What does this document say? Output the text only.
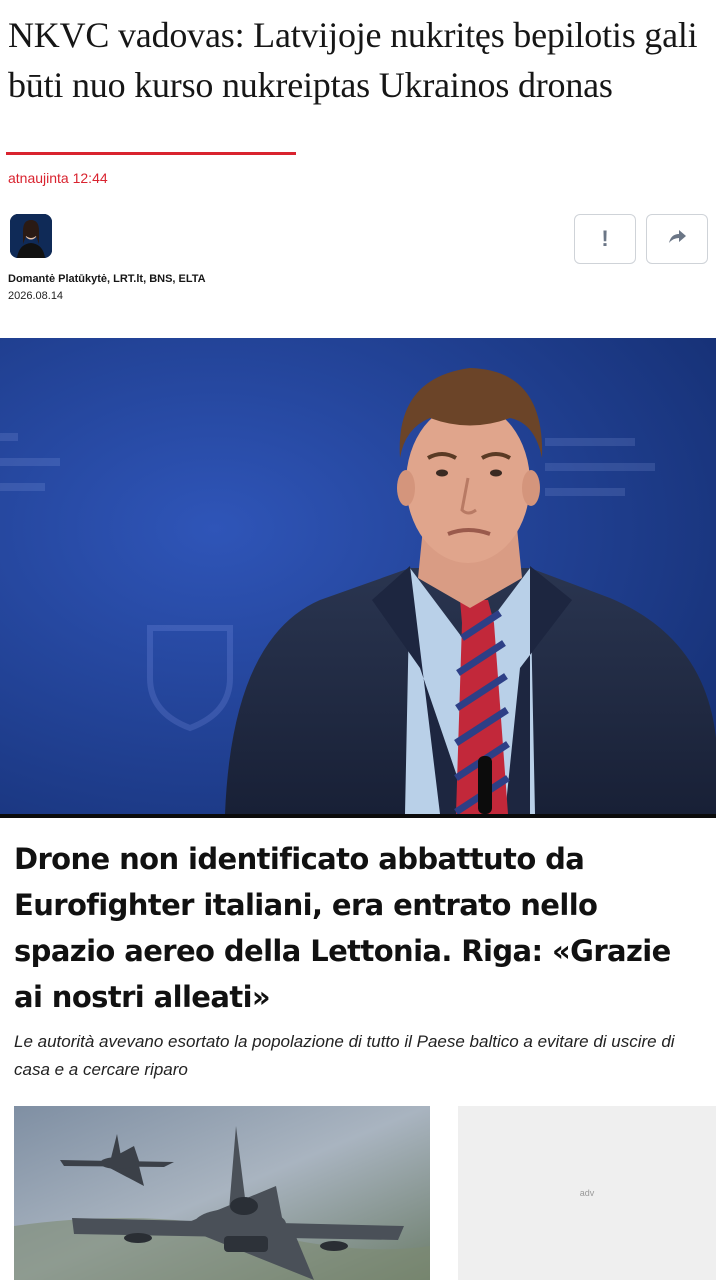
NKVC vadovas: Latvijoje nukritęs bepilotis gali būti nuo kurso nukreiptas Ukrainos dronas
atnaujinta 12:44
!
Domantė Platūkytė, LRT.lt, BNS, ELTA
2026.08.14
Drone non identificato abbattuto da Eurofighter italiani, era entrato nello spazio aereo della Lettonia. Riga: «Grazie ai nostri alleati»

Le autorità avevano esortato la popolazione di tutto il Paese baltico a evitare di uscire di casa e a cercare riparo

adv
